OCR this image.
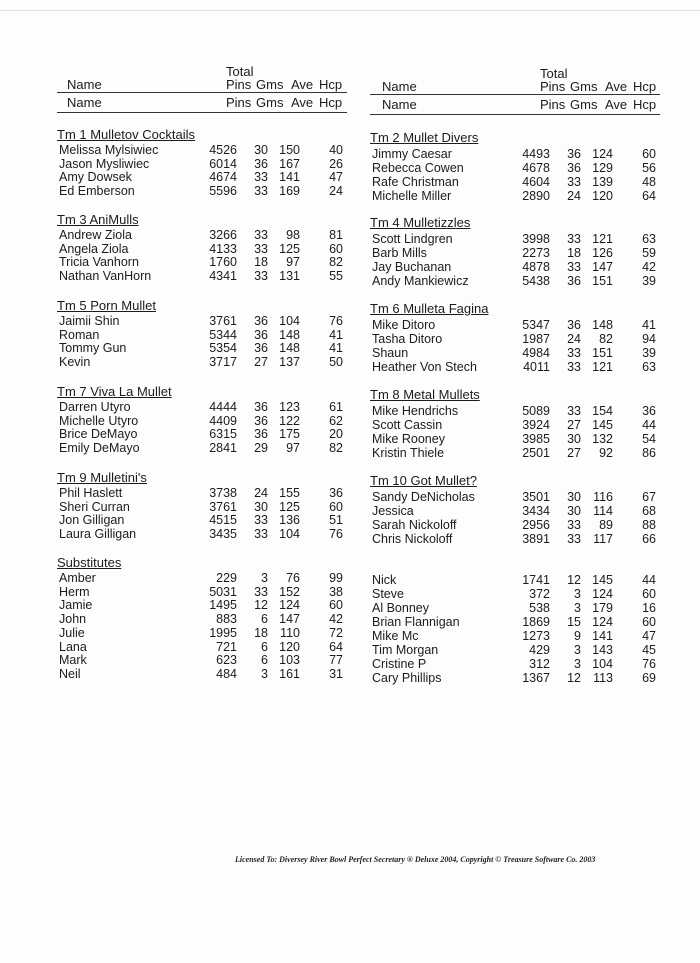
Total
Name	Pins Gms Ave Hcp
Name	Pins Gms Ave Hcp
Tm 1 Mulletov Cocktails
Melissa Mylsiwiec	4526 30 150 40
Jason Mysliwiec	6014 36 167 26
Amy Dowsek	4674 33 141 47
Ed Emberson	5596 33 169 24
Tm 3 AniMulls
Andrew Ziola	3266 33 98 81
Angela Ziola	4133 33 125 60
Tricia Vanhorn	1760 18 97 82
Nathan VanHorn	4341 33 131 55
Tm 5 Porn Mullet
Jaimii Shin	3761 36 104 76
Roman	5344 36 148 41
Tommy Gun	5354 36 148 41
Kevin	3717 27 137 50
Tm 7 Viva La Mullet
Darren Utyro	4444 36 123 61
Michelle Utyro	4409 36 122 62
Brice DeMayo	6315 36 175 20
Emily DeMayo	2841 29 97 82
Tm 9 Mulletini's
Phil Haslett	3738 24 155 36
Sheri Curran	3761 30 125 60
Jon Gilligan	4515 33 136 51
Laura Gilligan	3435 33 104 76
Substitutes
Amber	229 3 76 99
Herm	5031 33 152 38
Jamie	1495 12 124 60
John	883 6 147 42
Julie	1995 18 110 72
Lana	721 6 120 64
Mark	623 6 103 77
Neil	484 3 161 31
Total
Name	Pins Gms Ave Hcp
Name	Pins Gms Ave Hcp
Tm 2 Mullet Divers
Jimmy Caesar	4493 36 124 60
Rebecca Cowen	4678 36 129 56
Rafe Christman	4604 33 139 48
Michelle Miller	2890 24 120 64
Tm 4 Mulletizzles
Scott Lindgren	3998 33 121 63
Barb Mills	2273 18 126 59
Jay Buchanan	4878 33 147 42
Andy Mankiewicz	5438 36 151 39
Tm 6 Mulleta Fagina
Mike Ditoro	5347 36 148 41
Tasha Ditoro	1987 24 82 94
Shaun	4984 33 151 39
Heather Von Stech	4011 33 121 63
Tm 8 Metal Mullets
Mike Hendrichs	5089 33 154 36
Scott Cassin	3924 27 145 44
Mike Rooney	3985 30 132 54
Kristin Thiele	2501 27 92 86
Tm 10 Got Mullet?
Sandy DeNicholas	3501 30 116 67
Jessica	3434 30 114 68
Sarah Nickoloff	2956 33 89 88
Chris Nickoloff	3891 33 117 66
Nick	1741 12 145 44
Steve	372 3 124 60
Al Bonney	538 3 179 16
Brian Flannigan	1869 15 124 60
Mike Mc	1273 9 141 47
Tim Morgan	429 3 143 45
Cristine P	312 3 104 76
Cary Phillips	1367 12 113 69
Licensed To: Diversey River Bowl Perfect Secretary ® Deluxe 2004, Copyright © Treasure Software Co. 2003
